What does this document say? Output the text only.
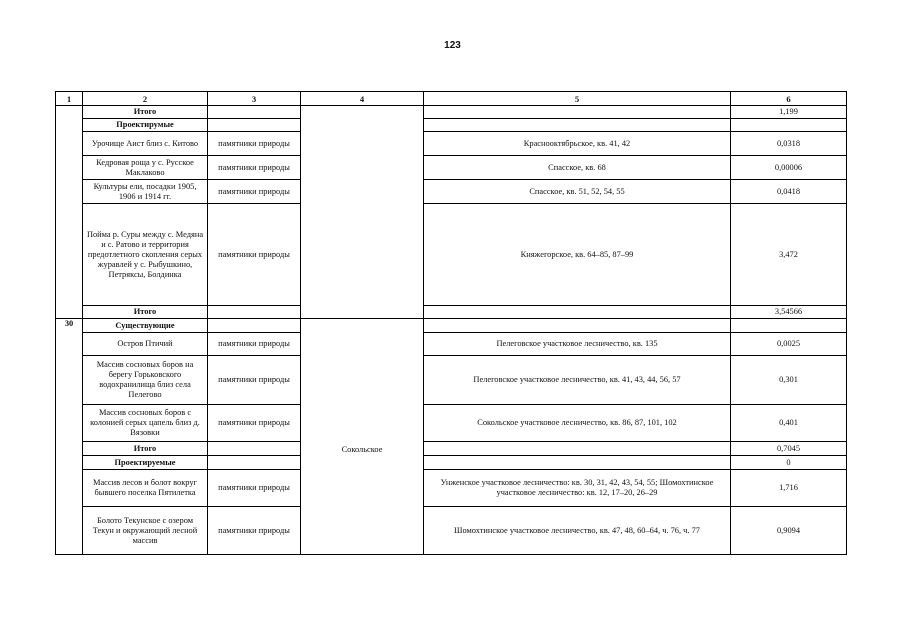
123
1	2	3	4	5	6
	Итого				1,199
	Проектирумые				
	Урочище Аист близ с. Китово	памятники природы		Краснооктябрьское, кв. 41, 42	0,0318
	Кедровая роща у с. Русское Маклаково	памятники природы		Спасское, кв. 68	0,00006
	Культуры ели, посадки 1905, 1906 и 1914 гг.	памятники природы		Спасское, кв. 51, 52, 54, 55	0,0418
	Пойма р. Суры между с. Медяна и с. Ратово и территория предотлетного скопления серых журавлей у с. Рыбушкино, Петряксы, Болдинка	памятники природы		Княжегорское, кв. 64–85, 87–99	3,472
	Итого				3,54566
30	Существующие		Сокольское		
	Остров Птичий	памятники природы		Пелеговское участковое лесничество, кв. 135	0,0025
	Массив сосновых боров на берегу Горьковского водохранилища близ села Пелегово	памятники природы		Пелеговское участковое лесничество, кв. 41, 43, 44, 56, 57	0,301
	Массив сосновых боров с колонией серых цапель близ д. Вязовки	памятники природы		Сокольское участковое лесничество, кв. 86, 87, 101, 102	0,401
	Итого				0,7045
	Проектируемые				0
	Массив лесов и болот вокруг бывшего поселка Пятилетка	памятники природы		Унженское участковое лесничество: кв. 30, 31, 42, 43, 54, 55; Шомохтинское участковое лесничество: кв. 12, 17–20, 26–29	1,716
	Болото Текунское с озером Текун и окружающий лесной массив	памятники природы		Шомохтинское участковое лесничество, кв. 47, 48, 60–64, ч. 76, ч. 77	0,9094
